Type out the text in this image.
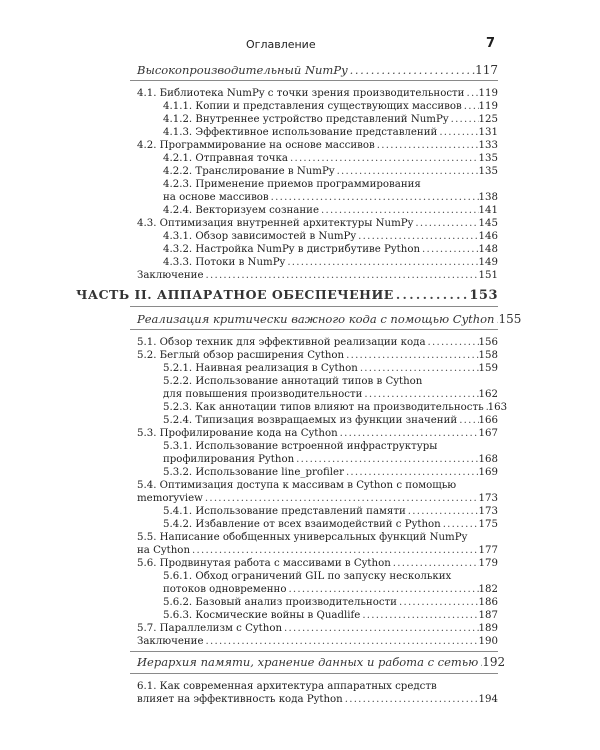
Оглавление	7
Высокопроизводительный NumPy . . .	117
4.1. Библиотека NumPy с точки зрения производительности . . . 119
4.1.1. Копии и представления существующих массивов . . . 119
4.1.2. Внутреннее устройство представлений NumPy . . .	125
4.1.3. Эффективное использование представлений . . .	131
4.2. Программирование на основе массивов . . .	133
4.2.1. Отправная точка . . .	135
4.2.2. Транслирование в NumPy . . .	135
4.2.3. Применение приемов программирования
на основе массивов . . .	138
4.2.4. Векторизуем сознание . . .	141
4.3. Оптимизация внутренней архитектуры NumPy . . .	145
4.3.1. Обзор зависимостей в NumPy . . .	146
4.3.2. Настройка NumPy в дистрибутиве Python . . .	148
4.3.3. Потоки в NumPy . . .	149
Заключение . . .	151
ЧАСТЬ II. АППАРАТНОЕ ОБЕСПЕЧЕНИЕ . . .	153
Реализация критически важного кода с помощью Cython . . . 155
5.1. Обзор техник для эффективной реализации кода . . .	156
5.2. Беглый обзор расширения Cython . . .	158
5.2.1. Наивная реализация в Cython . . .	159
5.2.2. Использование аннотаций типов в Cython
для повышения производительности . . .	162
5.2.3. Как аннотации типов влияют на производительность . . . 163
5.2.4. Типизация возвращаемых из функции значений . . . 166
5.3. Профилирование кода на Cython . . .	167
5.3.1. Использование встроенной инфраструктуры
профилирования Python . . .	168
5.3.2. Использование line_profiler . . .	169
5.4. Оптимизация доступа к массивам в Cython с помощью
memoryview . . .	173
5.4.1. Использование представлений памяти . . .	173
5.4.2. Избавление от всех взаимодействий с Python . . .	175
5.5. Написание обобщенных универсальных функций NumPy
на Cython . . .	177
5.6. Продвинутая работа с массивами в Cython . . .	179
5.6.1. Обход ограничений GIL по запуску нескольких
потоков одновременно . . .	182
5.6.2. Базовый анализ производительности . . .	186
5.6.3. Космические войны в Quadlife . . .	187
5.7. Параллелизм с Cython . . .	189
Заключение . . .	190
Иерархия памяти, хранение данных и работа с сетью . . . 192
6.1. Как современная архитектура аппаратных средств
влияет на эффективность кода Python . . .	194
